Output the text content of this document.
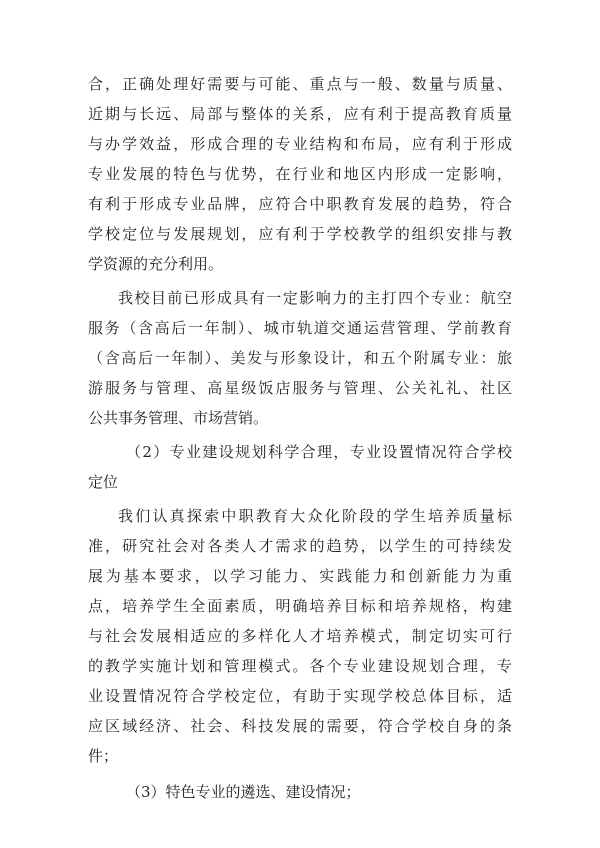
合，正确处理好需要与可能、重点与一般、数量与质量、
近期与长远、局部与整体的关系，应有利于提高教育质量
与办学效益，形成合理的专业结构和布局，应有利于形成
专业发展的特色与优势，在行业和地区内形成一定影响，
有利于形成专业品牌，应符合中职教育发展的趋势，符合
学校定位与发展规划，应有利于学校教学的组织安排与教
学资源的充分利用。
我校目前已形成具有一定影响力的主打四个专业：航空
服务（含高后一年制）、城市轨道交通运营管理、学前教育
（含高后一年制）、美发与形象设计，和五个附属专业：旅
游服务与管理、高星级饭店服务与管理、公关礼礼、社区
公共事务管理、市场营销。
（2）专业建设规划科学合理，专业设置情况符合学校
定位
我们认真探索中职教育大众化阶段的学生培养质量标
准，研究社会对各类人才需求的趋势，以学生的可持续发
展为基本要求，以学习能力、实践能力和创新能力为重
点，培养学生全面素质，明确培养目标和培养规格，构建
与社会发展相适应的多样化人才培养模式，制定切实可行
的教学实施计划和管理模式。各个专业建设规划合理，专
业设置情况符合学校定位，有助于实现学校总体目标，适
应区域经济、社会、科技发展的需要，符合学校自身的条
件；
（3）特色专业的遴选、建设情况；
